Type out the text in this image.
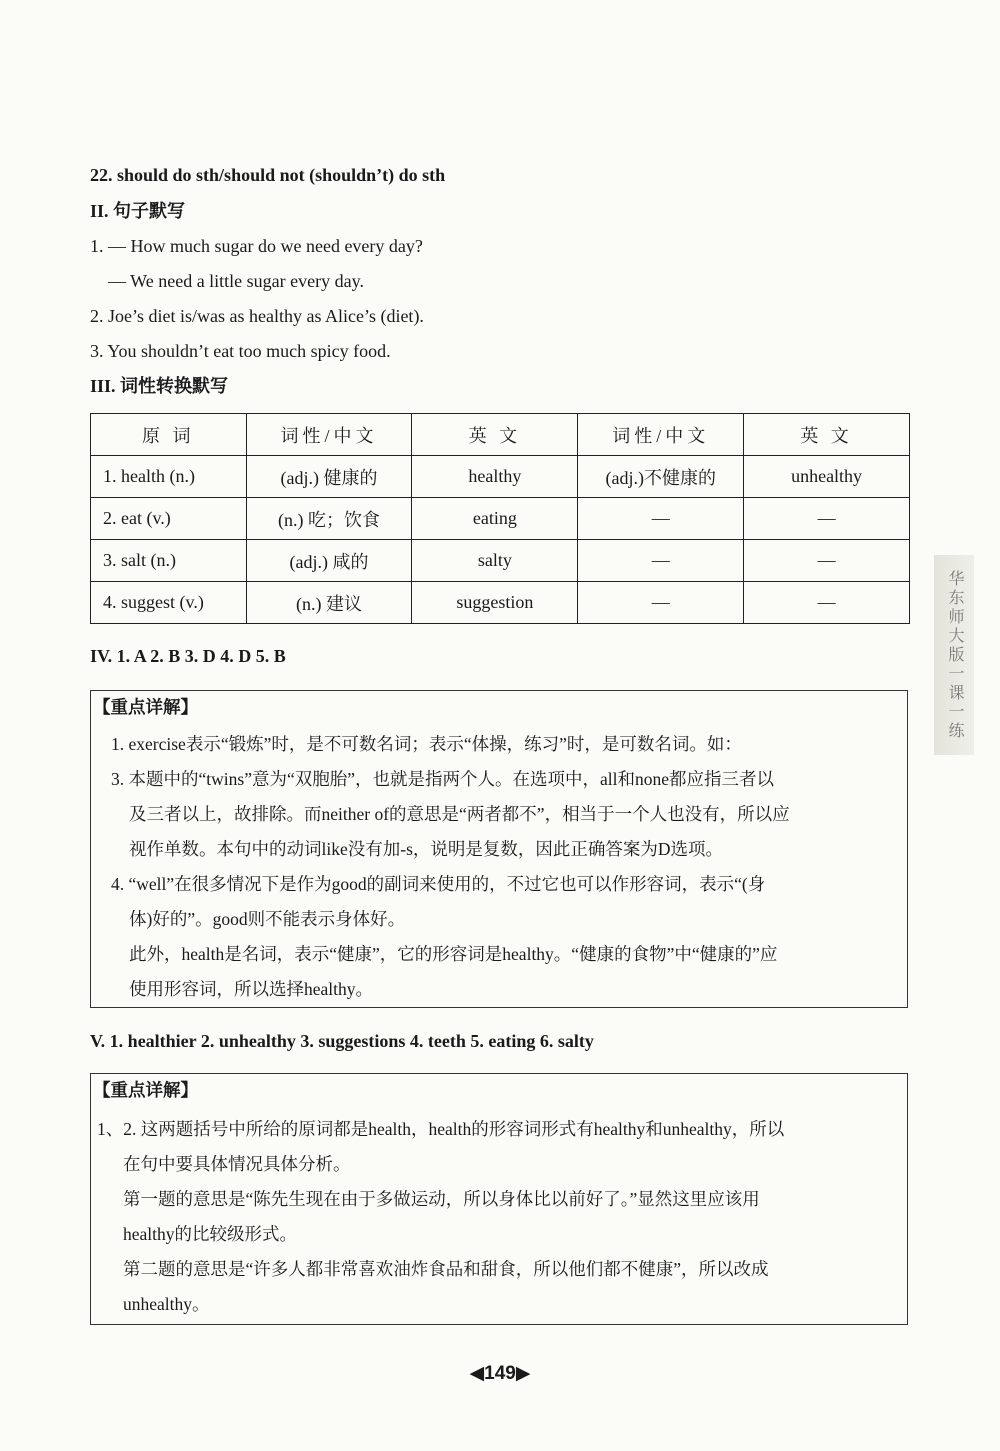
22. should do sth/should not (shouldn’t) do sth
II. 句子默写
1. — How much sugar do we need every day?
— We need a little sugar every day.
2. Joe’s diet is/was as healthy as Alice’s (diet).
3. You shouldn’t eat too much spicy food.
III. 词性转换默写
原 词	词性/中文	英 文	词性/中文	英 文
1. health (n.)	(adj.) 健康的	healthy	(adj.)不健康的	unhealthy
2. eat (v.)	(n.) 吃；饮食	eating	—	—
3. salt (n.)	(adj.) 咸的	salty	—	—
4. suggest (v.)	(n.) 建议	suggestion	—	—
IV. 1. A 2. B 3. D 4. D 5. B
【重点详解】
1. exercise表示“锻炼”时，是不可数名词；表示“体操，练习”时，是可数名词。如：
3. 本题中的“twins”意为“双胞胎”，也就是指两个人。在选项中，all和none都应指三者以
及三者以上，故排除。而neither of的意思是“两者都不”，相当于一个人也没有，所以应
视作单数。本句中的动词like没有加-s，说明是复数，因此正确答案为D选项。
4. “well”在很多情况下是作为good的副词来使用的，不过它也可以作形容词，表示“(身
体)好的”。good则不能表示身体好。
此外，health是名词，表示“健康”，它的形容词是healthy。“健康的食物”中“健康的”应
使用形容词，所以选择healthy。
V. 1. healthier 2. unhealthy 3. suggestions 4. teeth 5. eating 6. salty
【重点详解】
1、2. 这两题括号中所给的原词都是health，health的形容词形式有healthy和unhealthy，所以
在句中要具体情况具体分析。
第一题的意思是“陈先生现在由于多做运动，所以身体比以前好了。”显然这里应该用
healthy的比较级形式。
第二题的意思是“许多人都非常喜欢油炸食品和甜食，所以他们都不健康”，所以改成
unhealthy。
华东师大版一课一练
◀149▶
